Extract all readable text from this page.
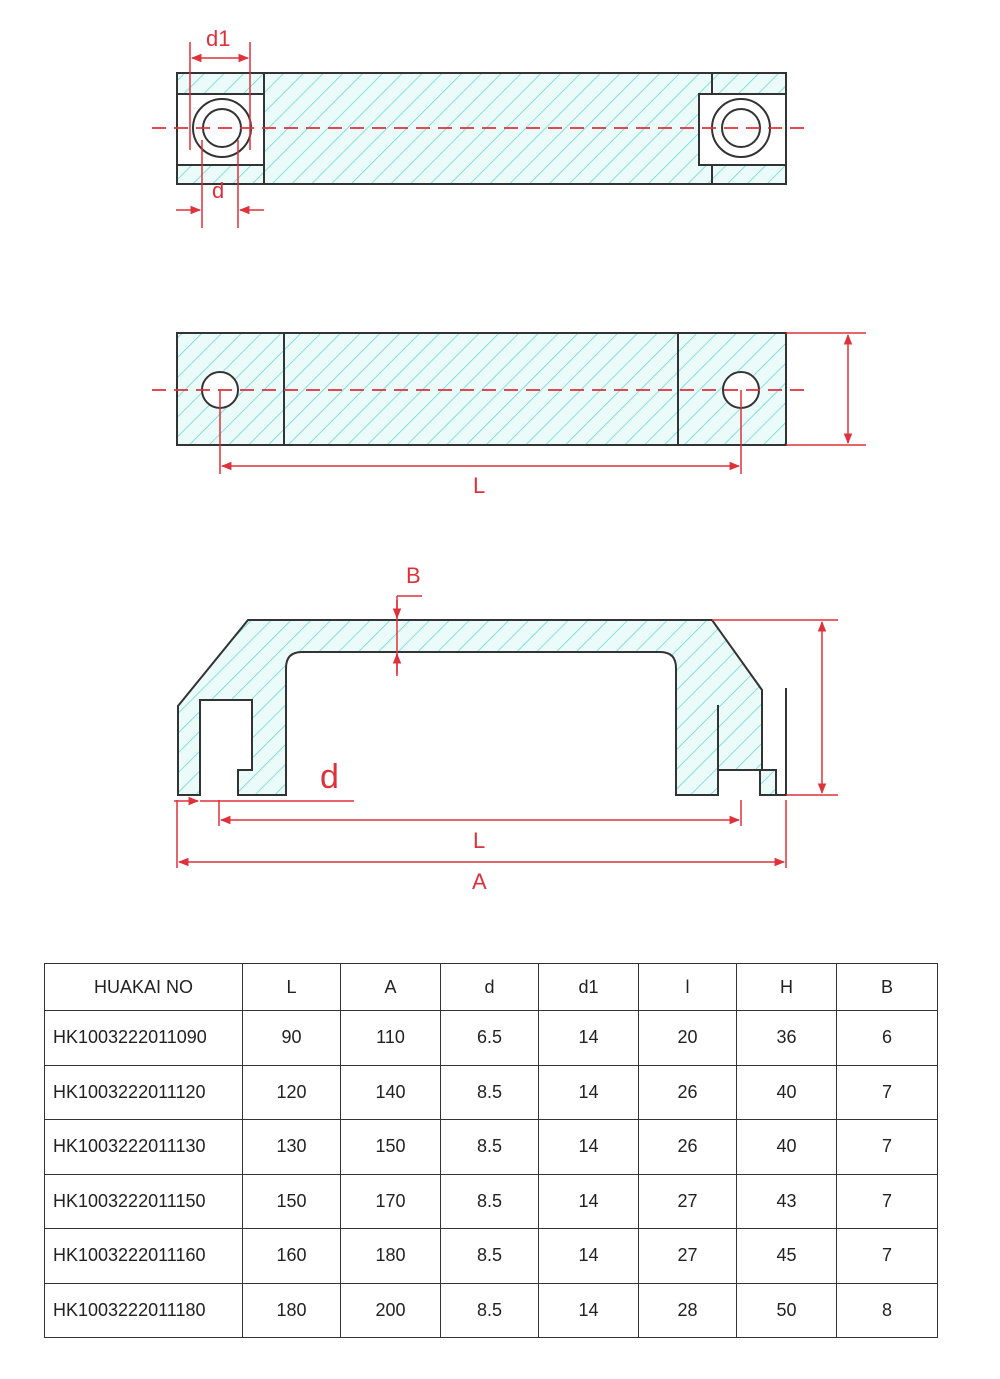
d1
d
L
B
d
L
A
HUAKAI NO	L	A	d	d1	l	H	B
HK1003222011090	90	110	6.5	14	20	36	6
HK1003222011120	120	140	8.5	14	26	40	7
HK1003222011130	130	150	8.5	14	26	40	7
HK1003222011150	150	170	8.5	14	27	43	7
HK1003222011160	160	180	8.5	14	27	45	7
HK1003222011180	180	200	8.5	14	28	50	8
